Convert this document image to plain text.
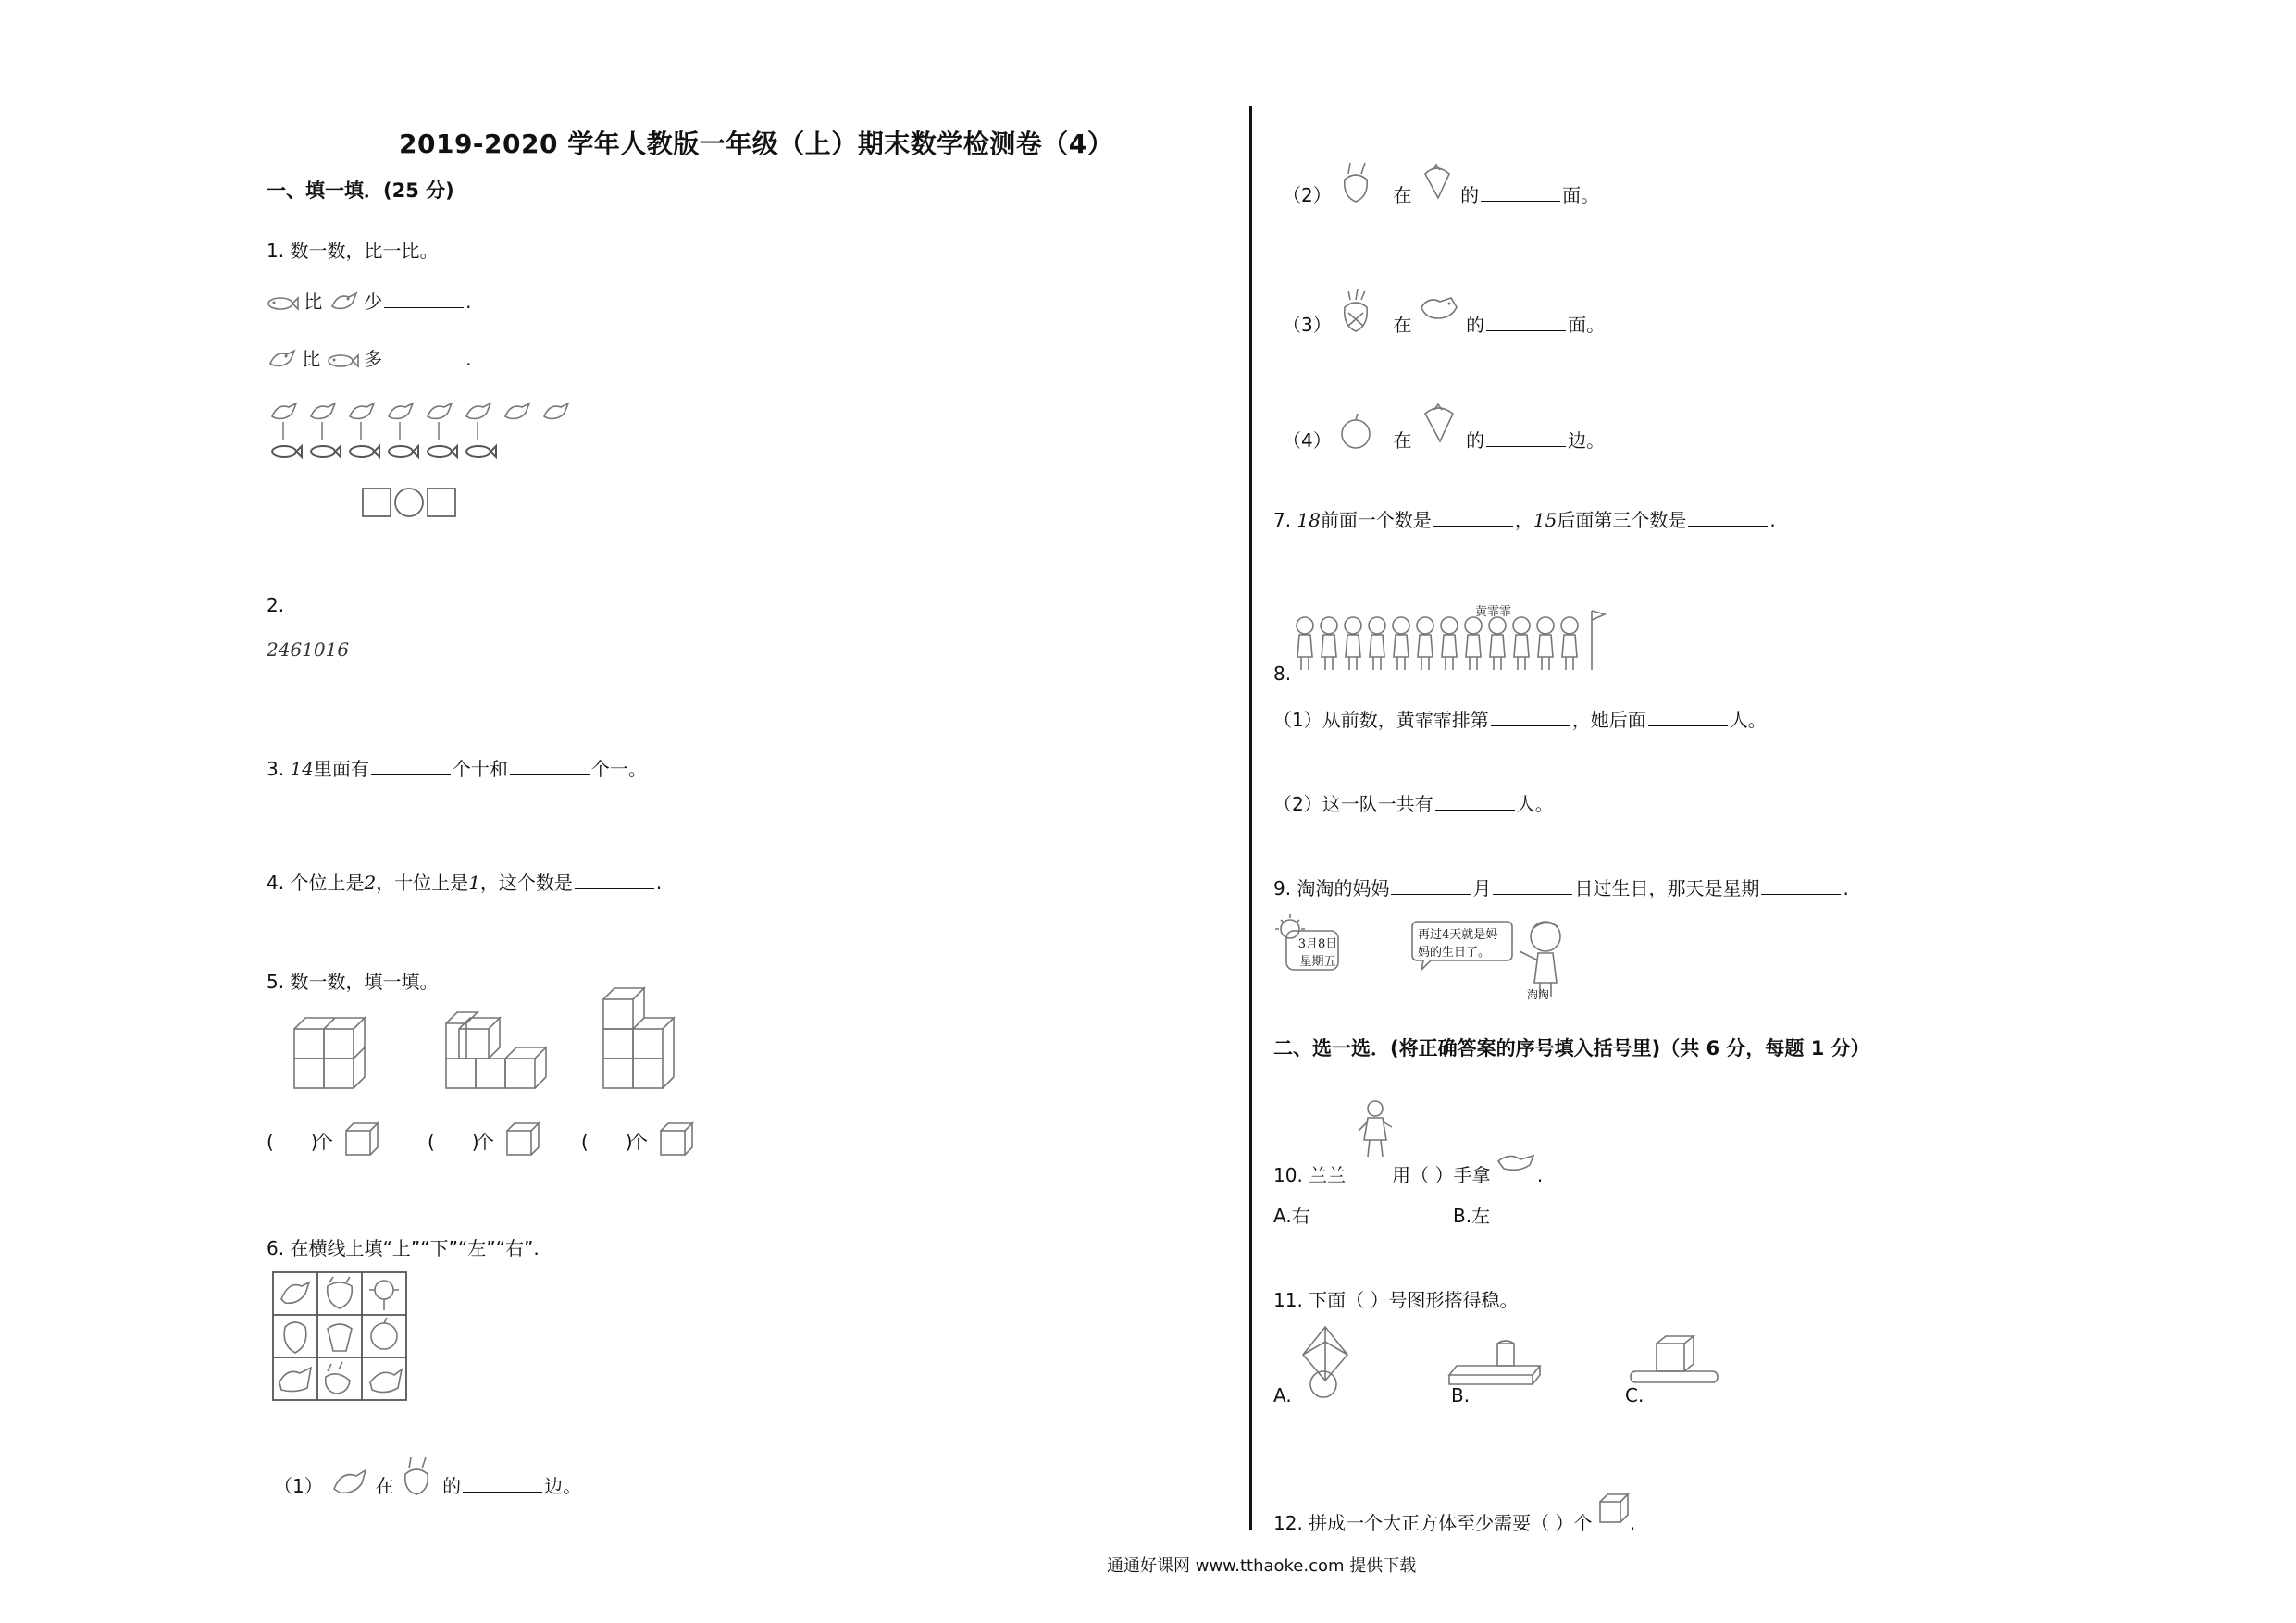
2019-2020 学年人教版一年级（上）期末数学检测卷（4）
一、填一填．(25 分)
1. 数一数，比一比。
比 少	.
比 多	.
2.
2461016
3. 14里面有	个十和	个一。
4. 个位上是2，十位上是1，这个数是	.
5. 数一数，填一填。
(　　)个	(　　)个	(　　)个
6. 在横线上填“上”“下”“左”“右”.
（1）	在	的	边。
（2）	在	的	面。
（3）	在	的	面。
（4）	在	的	边。
7. 18前面一个数是	，15后面第三个数是	.
黄霏霏
8.
（1）从前数，黄霏霏排第	，她后面	人。
（2）这一队一共有	人。
9. 淘淘的妈妈	月	日过生日，那天是星期	.
3月8日
星期五
再过4天就是妈
妈的生日了。
淘淘
二、选一选．(将正确答案的序号填入括号里)（共 6 分，每题 1 分）
10. 兰兰	用（ ）手拿	.
A.右	B.左
11. 下面（ ）号图形搭得稳。
A.	B.	C.
12. 拼成一个大正方体至少需要（ ）个 .
通通好课网 www.tthaoke.com 提供下载
